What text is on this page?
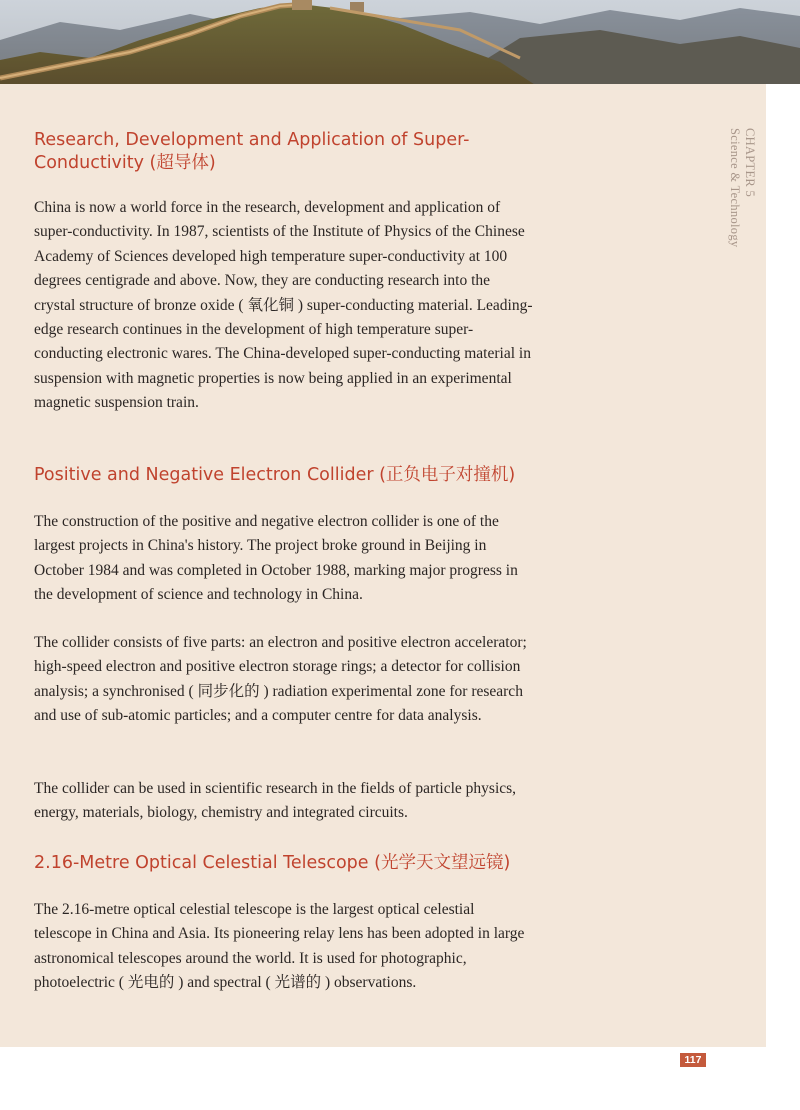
CHAPTER 5
Science & Technology
Research, Development and Application of Super-
Conductivity (超导体)

China is now a world force in the research, development and application of super-conductivity. In 1987, scientists of the Institute of Physics of the Chinese Academy of Sciences developed high temperature super-conductivity at 100 degrees centigrade and above. Now, they are conducting research into the crystal structure of bronze oxide ( 氧化铜 ) super-conducting material. Leading-edge research continues in the development of high temperature super-conducting electronic wares. The China-developed super-conducting material in suspension with magnetic properties is now being applied in an experimental magnetic suspension train.

Positive and Negative Electron Collider (正负电子对撞机)

The construction of the positive and negative electron collider is one of the largest projects in China's history. The project broke ground in Beijing in October 1984 and was completed in October 1988, marking major progress in the development of science and technology in China.

The collider consists of five parts: an electron and positive electron accelerator; high-speed electron and positive electron storage rings; a detector for collision analysis; a synchronised ( 同步化的 ) radiation experimental zone for research and use of sub-atomic particles; and a computer centre for data analysis.

The collider can be used in scientific research in the fields of particle physics, energy, materials, biology, chemistry and integrated circuits.

2.16-Metre Optical Celestial Telescope (光学天文望远镜)

The 2.16-metre optical celestial telescope is the largest optical celestial telescope in China and Asia. Its pioneering relay lens has been adopted in large astronomical telescopes around the world. It is used for photographic, photoelectric ( 光电的 ) and spectral ( 光谱的 ) observations.

117
